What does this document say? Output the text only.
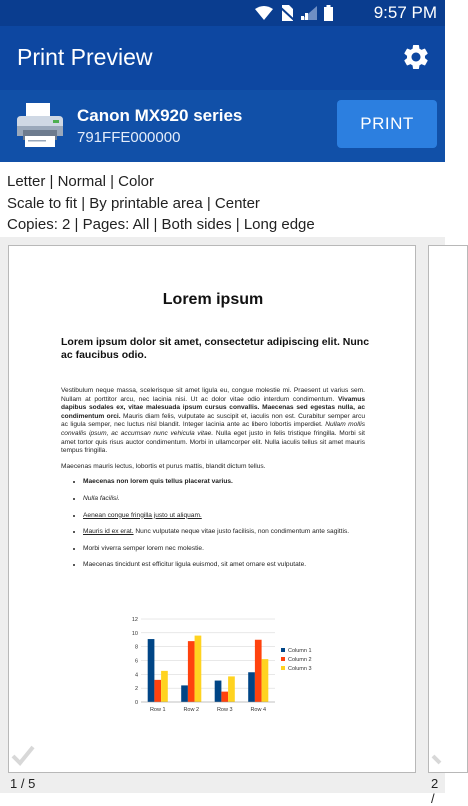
9:57 PM
Print Preview
Canon MX920 series
791FFE000000
PRINT
Letter | Normal | Color
Scale to fit | By printable area | Center
Copies: 2 | Pages: All | Both sides | Long edge
Lorem ipsum
Lorem ipsum dolor sit amet, consectetur adipiscing elit. Nunc ac faucibus odio.

Vestibulum neque massa, scelerisque sit amet ligula eu, congue molestie mi. Praesent ut varius sem. Nullam at porttitor arcu, nec lacinia nisi. Ut ac dolor vitae odio interdum condimentum. Vivamus dapibus sodales ex, vitae malesuada ipsum cursus convallis. Maecenas sed egestas nulla, ac condimentum orci. Mauris diam felis, vulputate ac suscipit et, iaculis non est. Curabitur semper arcu ac ligula semper, nec luctus nisl blandit. Integer lacinia ante ac libero lobortis imperdiet. Nullam mollis convallis ipsum, ac accumsan nunc vehicula vitae. Nulla eget justo in felis tristique fringilla. Morbi sit amet tortor quis risus auctor condimentum. Morbi in ullamcorper elit. Nulla iaculis tellus sit amet mauris tempus fringilla.

Maecenas mauris lectus, lobortis et purus mattis, blandit dictum tellus.

• Maecenas non lorem quis tellus placerat varius.
• Nulla facilisi.
• Aenean congue fringilla justo ut aliquam.
• Mauris id ex erat. Nunc vulputate neque vitae justo facilisis, non condimentum ante sagittis.
• Morbi viverra semper lorem nec molestie.
• Maecenas tincidunt est efficitur ligula euismod, sit amet ornare est vulputate.
0
2
4
6
8
10
12
Row 1	Row 2	Row 3	Row 4
Column 1
Column 2
Column 3
1 / 5	2 /
